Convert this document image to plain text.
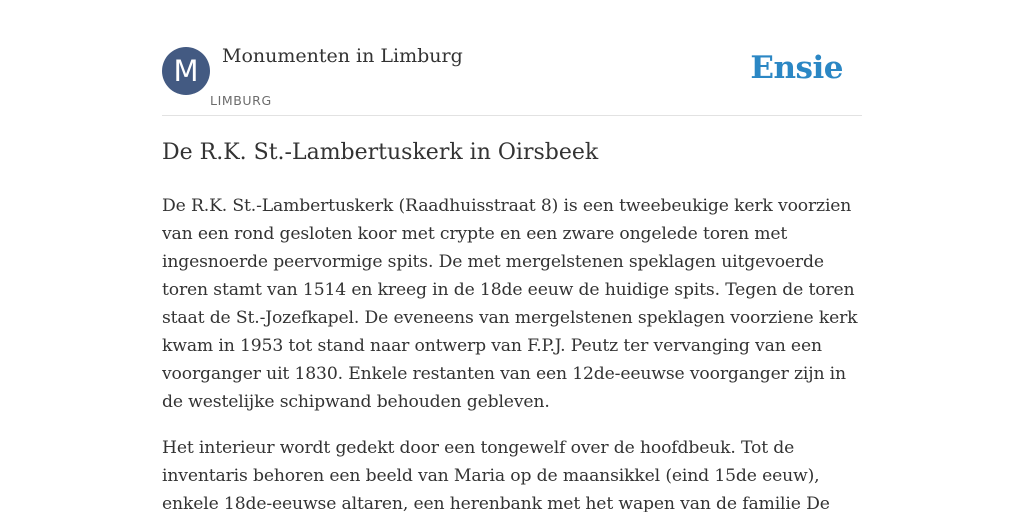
M Monumenten in Limburg
LIMBURG
Ensie
De R.K. St.-Lambertuskerk in Oirsbeek

De R.K. St.-Lambertuskerk (Raadhuisstraat 8) is een tweebeukige kerk voorzien van een rond gesloten koor met crypte en een zware ongelede toren met ingesnoerde peervormige spits. De met mergelstenen speklagen uitgevoerde toren stamt van 1514 en kreeg in de 18de eeuw de huidige spits. Tegen de toren staat de St.-Jozefkapel. De eveneens van mergelstenen speklagen voorziene kerk kwam in 1953 tot stand naar ontwerp van F.P.J. Peutz ter vervanging van een voorganger uit 1830. Enkele restanten van een 12de-eeuwse voorganger zijn in de westelijke schipwand behouden gebleven.

Het interieur wordt gedekt door een tongewelf over de hoofdbeuk. Tot de inventaris behoren een beeld van Maria op de maansikkel (eind 15de eeuw), enkele 18de-eeuwse altaren, een herenbank met het wapen van de familie De
